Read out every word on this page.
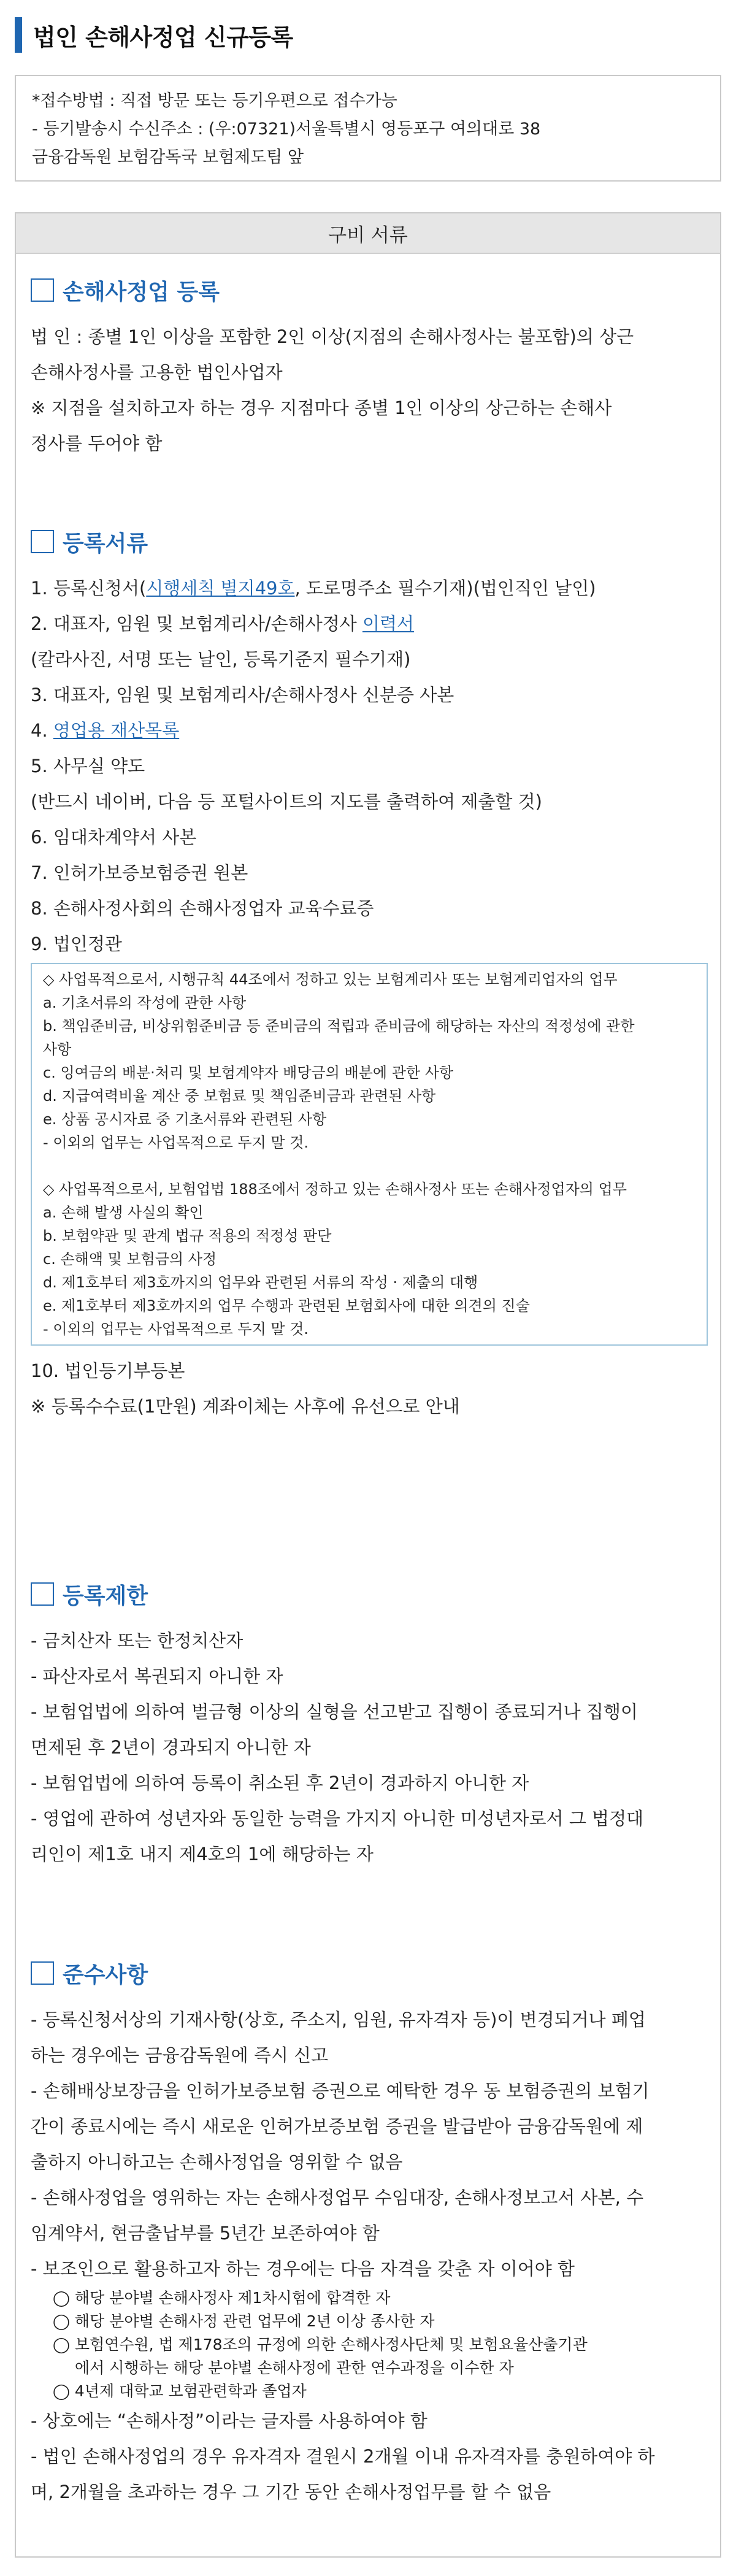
법인 손해사정업 신규등록

*접수방법 : 직접 방문 또는 등기우편으로 접수가능

- 등기발송시 수신주소 : (우:07321)서울특별시 영등포구 여의대로 38

금융감독원 보험감독국 보험제도팀 앞

구비 서류
손해사정업 등록

법 인 : 종별 1인 이상을 포함한 2인 이상(지점의 손해사정사는 불포함)의 상근

손해사정사를 고용한 법인사업자

※ 지점을 설치하고자 하는 경우 지점마다 종별 1인 이상의 상근하는 손해사

정사를 두어야 함

등록서류

1. 등록신청서(시행세칙 별지49호, 도로명주소 필수기재)(법인직인 날인)

2. 대표자, 임원 및 보험계리사/손해사정사 이력서

(칼라사진, 서명 또는 날인, 등록기준지 필수기재)

3. 대표자, 임원 및 보험계리사/손해사정사 신분증 사본

4. 영업용 재산목록

5. 사무실 약도

(반드시 네이버, 다음 등 포털사이트의 지도를 출력하여 제출할 것)

6. 임대차계약서 사본

7. 인허가보증보험증권 원본

8. 손해사정사회의 손해사정업자 교육수료증

9. 법인정관

◇ 사업목적으로서, 시행규칙 44조에서 정하고 있는 보험계리사 또는 보험계리업자의 업무

a. 기초서류의 작성에 관한 사항

b. 책임준비금, 비상위험준비금 등 준비금의 적립과 준비금에 해당하는 자산의 적정성에 관한

사항

c. 잉여금의 배분·처리 및 보험계약자 배당금의 배분에 관한 사항

d. 지급여력비율 계산 중 보험료 및 책임준비금과 관련된 사항

e. 상품 공시자료 중 기초서류와 관련된 사항

- 이외의 업무는 사업목적으로 두지 말 것.

◇ 사업목적으로서, 보험업법 188조에서 정하고 있는 손해사정사 또는 손해사정업자의 업무

a. 손해 발생 사실의 확인

b. 보험약관 및 관계 법규 적용의 적정성 판단

c. 손해액 및 보험금의 사정

d. 제1호부터 제3호까지의 업무와 관련된 서류의 작성 · 제출의 대행

e. 제1호부터 제3호까지의 업무 수행과 관련된 보험회사에 대한 의견의 진술

- 이외의 업무는 사업목적으로 두지 말 것.

10. 법인등기부등본

※ 등록수수료(1만원) 계좌이체는 사후에 유선으로 안내

등록제한

- 금치산자 또는 한정치산자

- 파산자로서 복권되지 아니한 자

- 보험업법에 의하여 벌금형 이상의 실형을 선고받고 집행이 종료되거나 집행이

면제된 후 2년이 경과되지 아니한 자

- 보험업법에 의하여 등록이 취소된 후 2년이 경과하지 아니한 자

- 영업에 관하여 성년자와 동일한 능력을 가지지 아니한 미성년자로서 그 법정대

리인이 제1호 내지 제4호의 1에 해당하는 자

준수사항

- 등록신청서상의 기재사항(상호, 주소지, 임원, 유자격자 등)이 변경되거나 폐업

하는 경우에는 금융감독원에 즉시 신고

- 손해배상보장금을 인허가보증보험 증권으로 예탁한 경우 동 보험증권의 보험기

간이 종료시에는 즉시 새로운 인허가보증보험 증권을 발급받아 금융감독원에 제

출하지 아니하고는 손해사정업을 영위할 수 없음

- 손해사정업을 영위하는 자는 손해사정업무 수임대장, 손해사정보고서 사본, 수

임계약서, 현금출납부를 5년간 보존하여야 함

- 보조인으로 활용하고자 하는 경우에는 다음 자격을 갖춘 자 이어야 함

◯ 해당 분야별 손해사정사 제1차시험에 합격한 자

◯ 해당 분야별 손해사정 관련 업무에 2년 이상 종사한 자

◯ 보험연수원, 법 제178조의 규정에 의한 손해사정사단체 및 보험요율산출기관

에서 시행하는 해당 분야별 손해사정에 관한 연수과정을 이수한 자

◯ 4년제 대학교 보험관련학과 졸업자

- 상호에는 “손해사정”이라는 글자를 사용하여야 함

- 법인 손해사정업의 경우 유자격자 결원시 2개월 이내 유자격자를 충원하여야 하

며, 2개월을 초과하는 경우 그 기간 동안 손해사정업무를 할 수 없음
